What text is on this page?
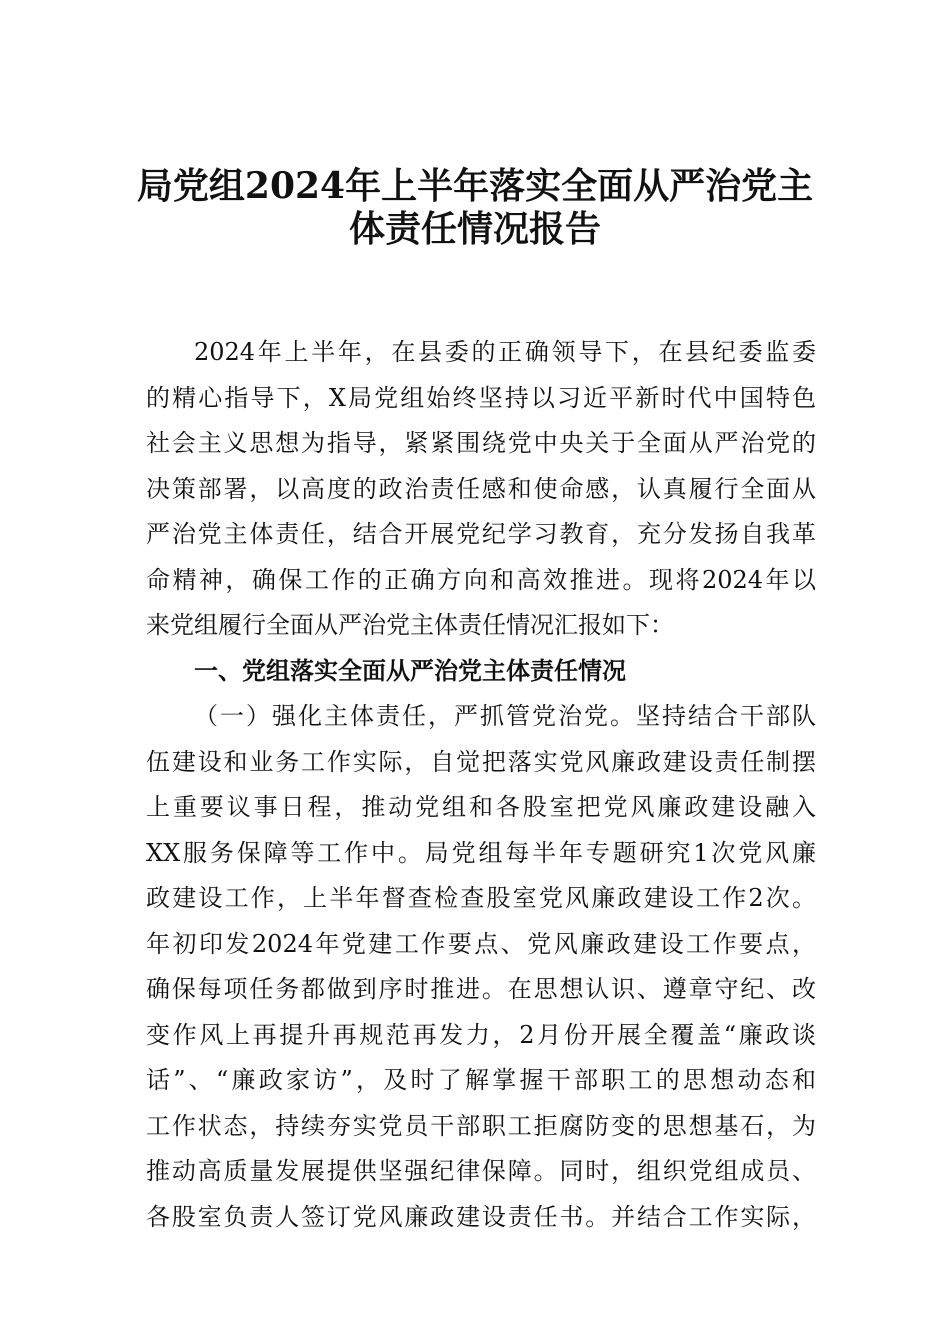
局党组2024年上半年落实全面从严治党主
体责任情况报告
2024年上半年，在县委的正确领导下，在县纪委监委
的精心指导下，X局党组始终坚持以习近平新时代中国特色
社会主义思想为指导，紧紧围绕党中央关于全面从严治党的
决策部署，以高度的政治责任感和使命感，认真履行全面从
严治党主体责任，结合开展党纪学习教育，充分发扬自我革
命精神，确保工作的正确方向和高效推进。现将2024年以
来党组履行全面从严治党主体责任情况汇报如下：
一、党组落实全面从严治党主体责任情况
（一）强化主体责任，严抓管党治党。坚持结合干部队
伍建设和业务工作实际，自觉把落实党风廉政建设责任制摆
上重要议事日程，推动党组和各股室把党风廉政建设融入
XX服务保障等工作中。局党组每半年专题研究1次党风廉
政建设工作，上半年督查检查股室党风廉政建设工作2次。
年初印发2024年党建工作要点、党风廉政建设工作要点，
确保每项任务都做到序时推进。在思想认识、遵章守纪、改
变作风上再提升再规范再发力，2月份开展全覆盖“廉政谈
话”、“廉政家访”，及时了解掌握干部职工的思想动态和
工作状态，持续夯实党员干部职工拒腐防变的思想基石，为
推动高质量发展提供坚强纪律保障。同时，组织党组成员、
各股室负责人签订党风廉政建设责任书。并结合工作实际，
